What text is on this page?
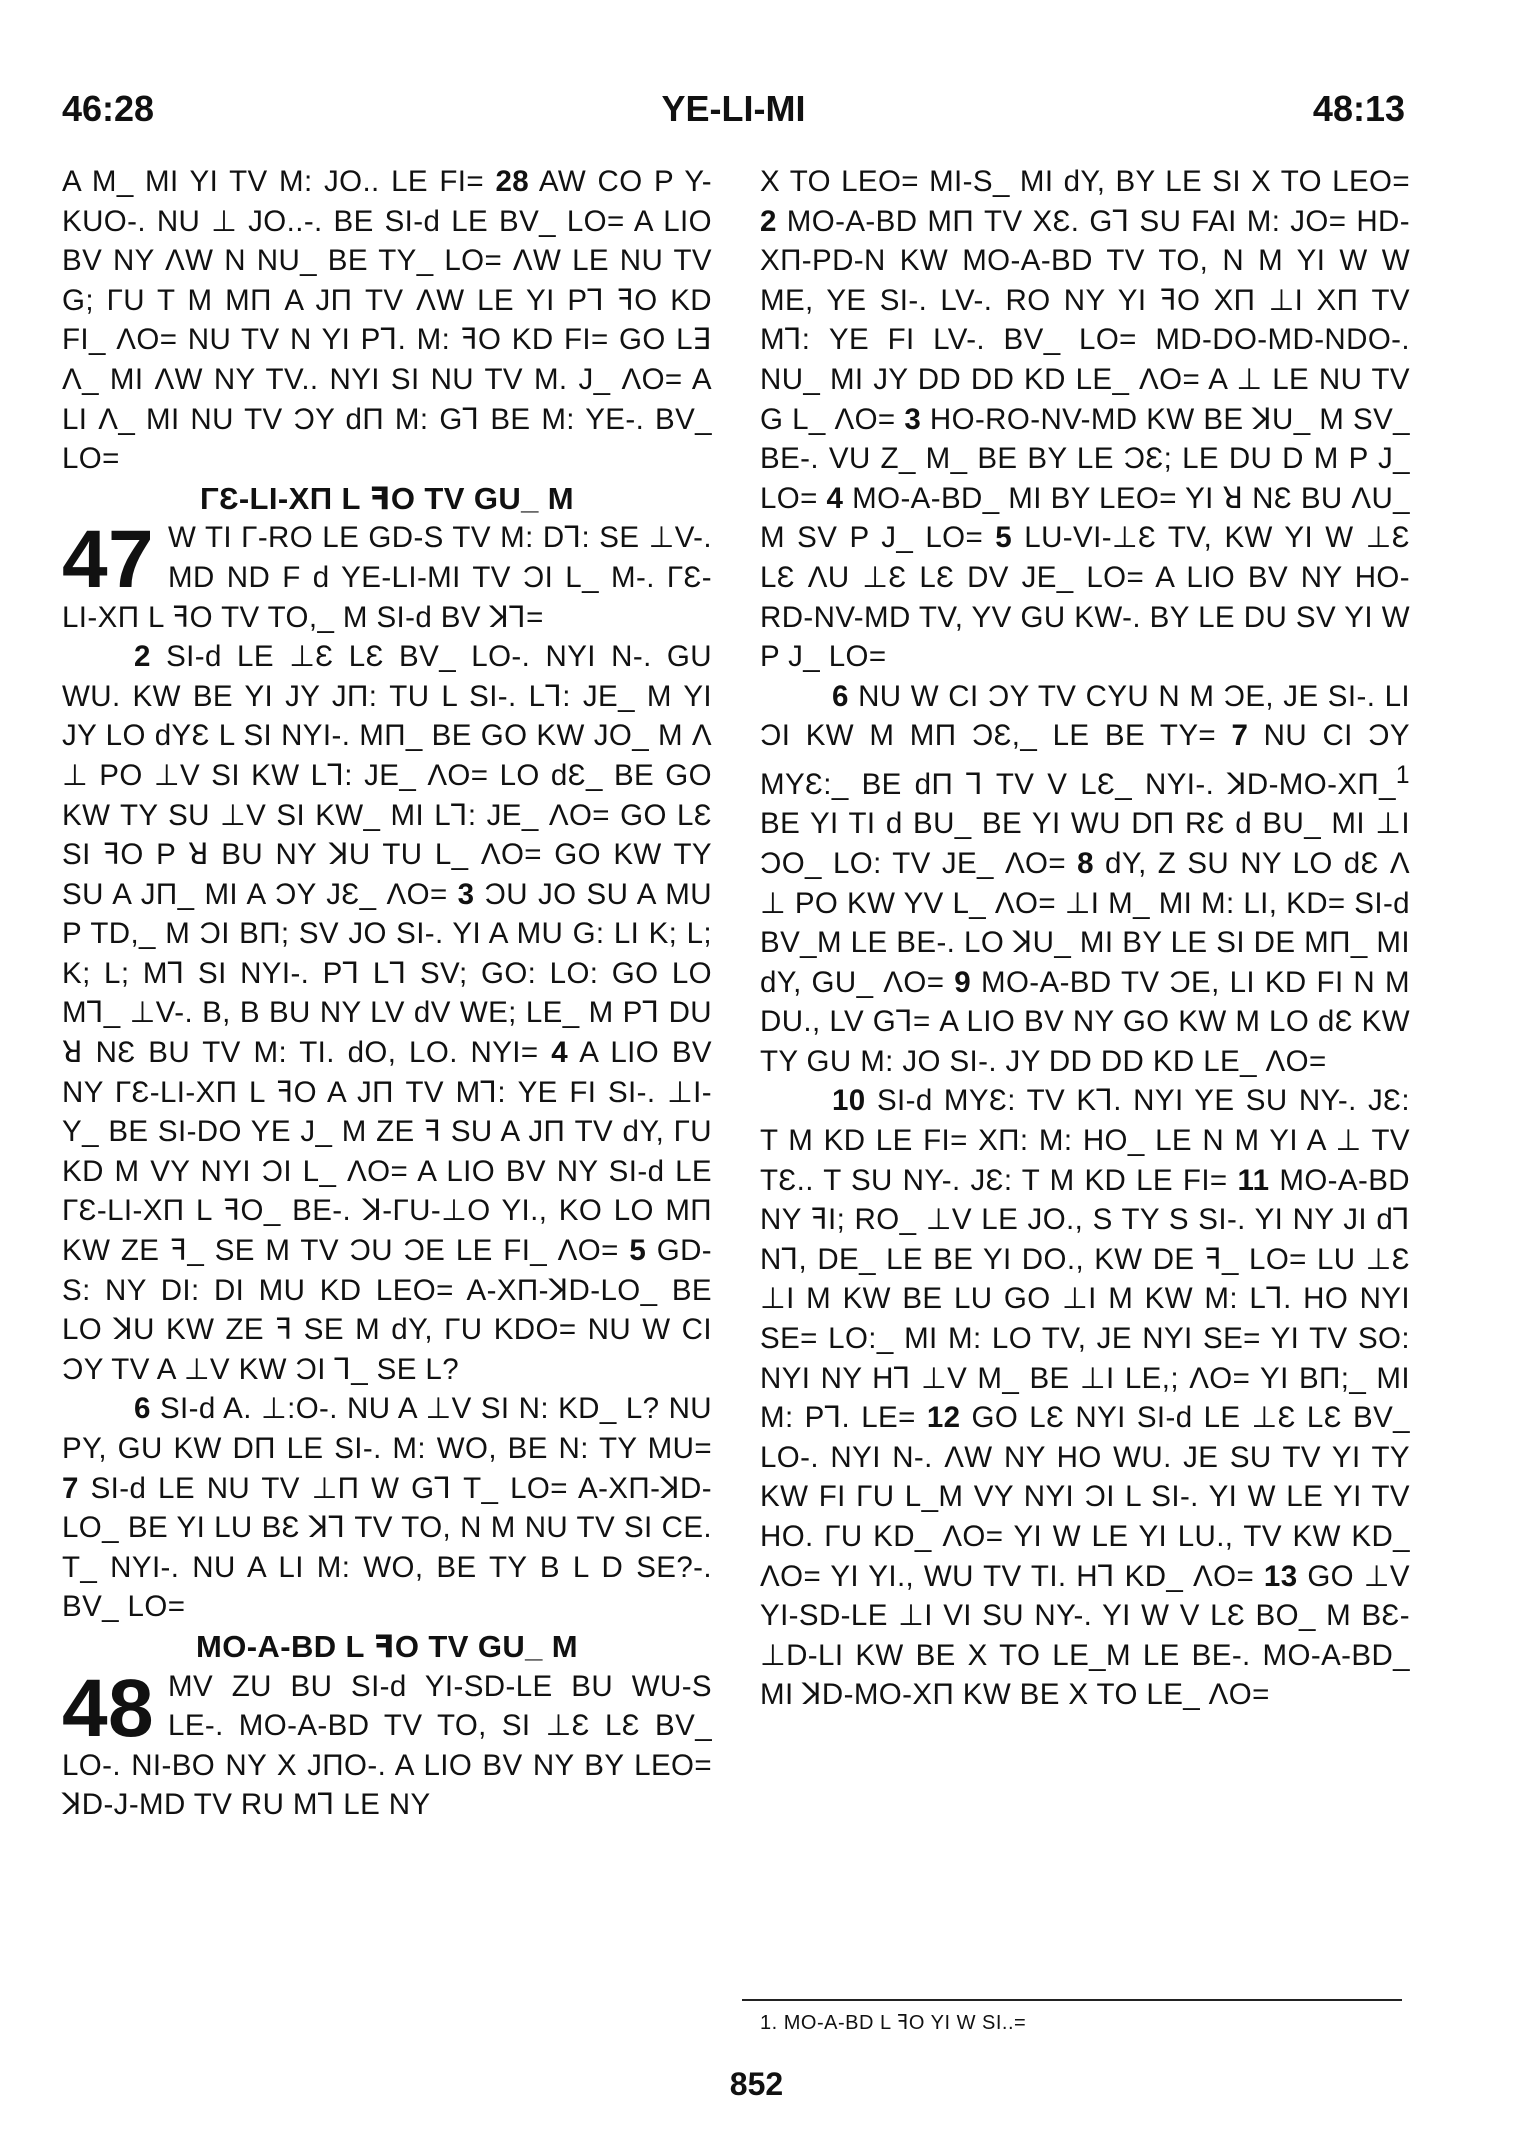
46:28	YE-LI-MI	48:13

A M_ MI YI TV M: JO.. LE FI= 28 AW CO P Y-KUO-. NU ⊥ JO..-. BE SI-d LE BV_ LO= A LIO BV NY ΛW N NU_ BE TY_ LO= ΛW LE NU TV G; ΓU T M MΠ A JΠ TV ΛW LE YI Pꓶ ꟻO KD FI_ ΛO= NU TV N YI Pꓶ. M: ꟻO KD FI= GO Lꓱ Λ_ MI ΛW NY TV.. NYI SI NU TV M. J_ ΛO= A LI Λ_ MI NU TV ƆY dΠ M: Gꓶ BE M: YE-. BV_ LO=

ΓƐ-LI-XΠ L ꟻO TV GU_ M

47 W TI Γ-RO LE GD-S TV M: Dꓶ: SE ⊥V-. MD ND F d YE-LI-MI TV ƆI L_ M-. ΓƐ-LI-XΠ L ꟻO TV TO,_ M SI-d BV ꓘꓶ=

2 SI-d LE ⊥Ɛ LƐ BV_ LO-. NYI N-. GU WU. KW BE YI JY JΠ: TU L SI-. Lꓶ: JE_ M YI JY LO dYƐ L SI NYI-. MΠ_ BE GO KW JO_ M Λ ⊥ PO ⊥V SI KW Lꓶ: JE_ ΛO= LO dƐ_ BE GO KW TY SU ⊥V SI KW_ MI Lꓶ: JE_ ΛO= GO LƐ SI ꟻO P ꓤ BU NY ꓘU TU L_ ΛO= GO KW TY SU A JΠ_ MI A ƆY JƐ_ ΛO= 3 ƆU JO SU A MU P TD,_ M ƆI BΠ; SV JO SI-. YI A MU G: LI K; L; K; L; Mꓶ SI NYI-. Pꓶ Lꓶ SV; GO: LO: GO LO Mꓶ_ ⊥V-. B, B BU NY LV dV WE; LE_ M Pꓶ DU ꓤ NƐ BU TV M: TI. dO, LO. NYI= 4 A LIO BV NY ΓƐ-LI-XΠ L ꟻO A JΠ TV Mꓶ: YE FI SI-. ⊥I-Y_ BE SI-DO YE J_ M ZE ꟻ SU A JΠ TV dY, ΓU KD M VY NYI ƆI L_ ΛO= A LIO BV NY SI-d LE ΓƐ-LI-XΠ L ꟻO_ BE-. ꓘ-ΓU-⊥O YI., KO LO MΠ KW ZE ꟻ_ SE M TV ƆU ƆE LE FI_ ΛO= 5 GD-S: NY DI: DI MU KD LEO= A-XΠ-ꓘD-LO_ BE LO ꓘU KW ZE ꟻ SE M dY, ΓU KDO= NU W CI ƆY TV A ⊥V KW ƆI ꓶ_ SE L?

6 SI-d A. ⊥:O-. NU A ⊥V SI N: KD_ L? NU PY, GU KW DΠ LE SI-. M: WO, BE N: TY MU= 7 SI-d LE NU TV ⊥Π W Gꓶ T_ LO= A-XΠ-ꓘD-LO_ BE YI LU BƐ ꓘꓶ TV TO, N M NU TV SI CE. T_ NYI-. NU A LI M: WO, BE TY B L D SE?-. BV_ LO=

MO-A-BD L ꟻO TV GU_ M

48 MV ZU BU SI-d YI-SD-LE BU WU-S LE-. MO-A-BD TV TO, SI ⊥Ɛ LƐ BV_ LO-. NI-BO NY X JΠO-. A LIO BV NY BY LEO= ꓘD-J-MD TV RU Mꓶ LE NY

X TO LEO= MI-S_ MI dY, BY LE SI X TO LEO= 2 MO-A-BD MΠ TV XƐ. Gꓶ SU FAI M: JO= HD-XΠ-PD-N KW MO-A-BD TV TO, N M YI W W ME, YE SI-. LV-. RO NY YI ꟻO XΠ ⊥I XΠ TV Mꓶ: YE FI LV-. BV_ LO= MD-DO-MD-NDO-. NU_ MI JY DD DD KD LE_ ΛO= A ⊥ LE NU TV G L_ ΛO= 3 HO-RO-NV-MD KW BE ꓘU_ M SV_ BE-. VU Z_ M_ BE BY LE ƆƐ; LE DU D M P J_ LO= 4 MO-A-BD_ MI BY LEO= YI ꓤ NƐ BU ΛU_ M SV P J_ LO= 5 LU-VI-⊥Ɛ TV, KW YI W ⊥Ɛ LƐ ΛU ⊥Ɛ LƐ DV JE_ LO= A LIO BV NY HO-RD-NV-MD TV, YV GU KW-. BY LE DU SV YI W P J_ LO=

6 NU W CI ƆY TV CYU N M ƆE, JE SI-. LI ƆI KW M MΠ ƆƐ,_ LE BE TY= 7 NU CI ƆY MYƐ:_ BE dΠ ꓶ TV V LƐ_ NYI-. ꓘD-MO-XΠ_$^1$ BE YI TI d BU_ BE YI WU DΠ RƐ d BU_ MI ⊥I ƆO_ LO: TV JE_ ΛO= 8 dY, Z SU NY LO dƐ Λ ⊥ PO KW YV L_ ΛO= ⊥I M_ MI M: LI, KD= SI-d BV_M LE BE-. LO ꓘU_ MI BY LE SI DE MΠ_ MI dY, GU_ ΛO= 9 MO-A-BD TV ƆE, LI KD FI N M DU., LV Gꓶ= A LIO BV NY GO KW M LO dƐ KW TY GU M: JO SI-. JY DD DD KD LE_ ΛO=

10 SI-d MYƐ: TV Kꓶ. NYI YE SU NY-. JƐ: T M KD LE FI= XΠ: M: HO_ LE N M YI A ⊥ TV TƐ.. T SU NY-. JƐ: T M KD LE FI= 11 MO-A-BD NY ꟻI; RO_ ⊥V LE JO., S TY S SI-. YI NY JI dꓶ Nꓶ, DE_ LE BE YI DO., KW DE ꟻ_ LO= LU ⊥Ɛ ⊥I M KW BE LU GO ⊥I M KW M: Lꓶ. HO NYI SE= LO:_ MI M: LO TV, JE NYI SE= YI TV SO: NYI NY Hꓶ ⊥V M_ BE ⊥I LE,; ΛO= YI BΠ;_ MI M: Pꓶ. LE= 12 GO LƐ NYI SI-d LE ⊥Ɛ LƐ BV_ LO-. NYI N-. ΛW NY HO WU. JE SU TV YI TY KW FI ΓU L_M VY NYI ƆI L SI-. YI W LE YI TV HO. ΓU KD_ ΛO= YI W LE YI LU., TV KW KD_ ΛO= YI YI., WU TV TI. Hꓶ KD_ ΛO= 13 GO ⊥V YI-SD-LE ⊥I VI SU NY-. YI W V LƐ BO_ M BƐ-⊥D-LI KW BE X TO LE_M LE BE-. MO-A-BD_ MI ꓘD-MO-XΠ KW BE X TO LE_ ΛO=

1. MO-A-BD L ꟻO YI W SI..=
852
